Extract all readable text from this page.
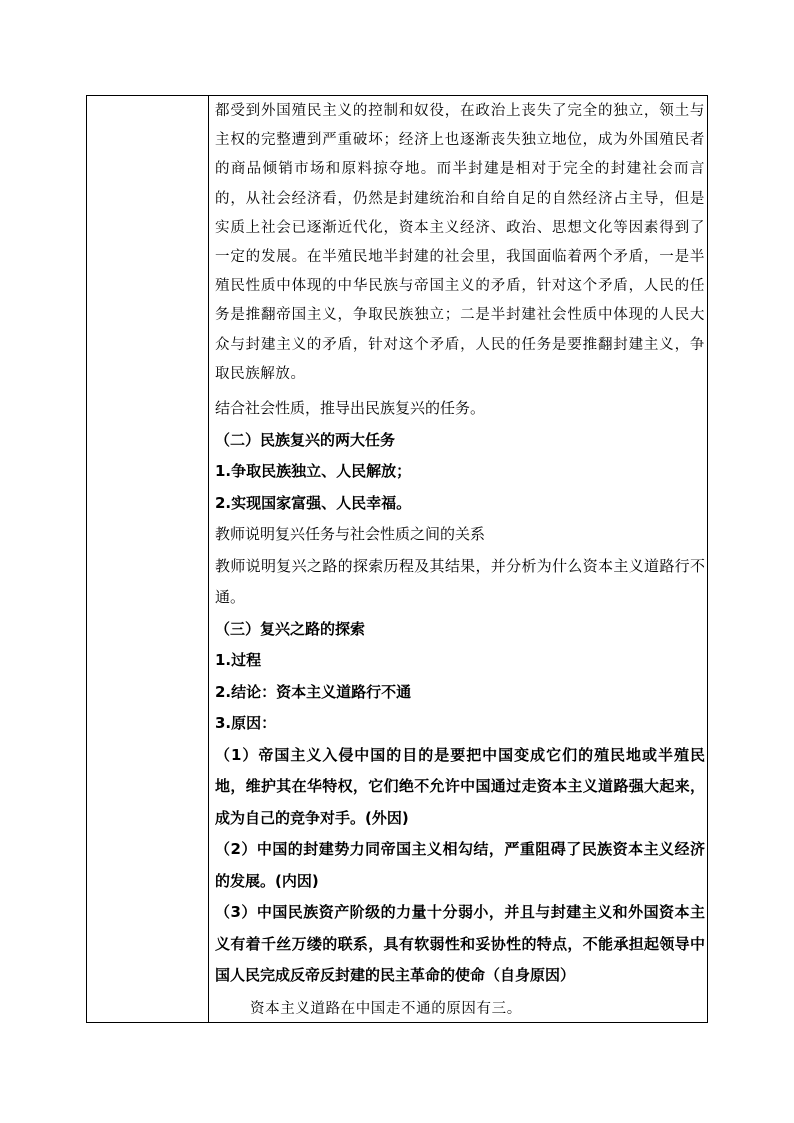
都受到外国殖民主义的控制和奴役，在政治上丧失了完全的独立，领土与主权的完整遭到严重破坏；经济上也逐渐丧失独立地位，成为外国殖民者的商品倾销市场和原料掠夺地。而半封建是相对于完全的封建社会而言的，从社会经济看，仍然是封建统治和自给自足的自然经济占主导，但是实质上社会已逐渐近代化，资本主义经济、政治、思想文化等因素得到了一定的发展。在半殖民地半封建的社会里，我国面临着两个矛盾，一是半殖民性质中体现的中华民族与帝国主义的矛盾，针对这个矛盾，人民的任务是推翻帝国主义，争取民族独立；二是半封建社会性质中体现的人民大众与封建主义的矛盾，针对这个矛盾，人民的任务是要推翻封建主义，争取民族解放。

结合社会性质，推导出民族复兴的任务。
（二）民族复兴的两大任务
1.争取民族独立、人民解放；
2.实现国家富强、人民幸福。
教师说明复兴任务与社会性质之间的关系
教师说明复兴之路的探索历程及其结果，并分析为什么资本主义道路行不通。
（三）复兴之路的探索
1.过程
2.结论：资本主义道路行不通
3.原因：
（1）帝国主义入侵中国的目的是要把中国变成它们的殖民地或半殖民地，维护其在华特权，它们绝不允许中国通过走资本主义道路强大起来，成为自己的竞争对手。(外因)
（2）中国的封建势力同帝国主义相勾结，严重阻碍了民族资本主义经济的发展。(内因)
（3）中国民族资产阶级的力量十分弱小，并且与封建主义和外国资本主义有着千丝万缕的联系，具有软弱性和妥协性的特点，不能承担起领导中国人民完成反帝反封建的民主革命的使命（自身原因）
资本主义道路在中国走不通的原因有三。
